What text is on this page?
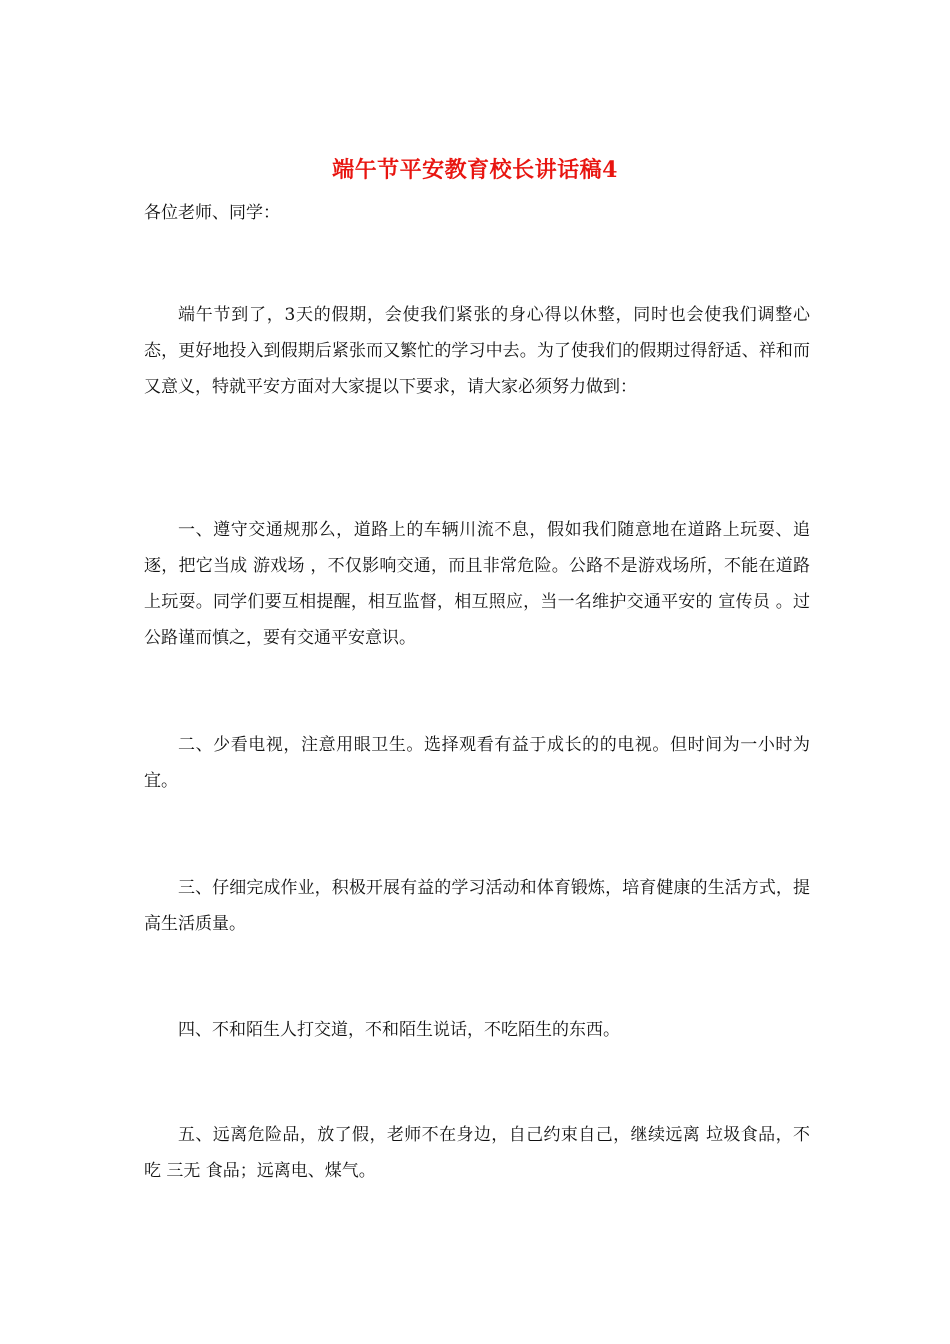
端午节平安教育校长讲话稿4
各位老师、同学：
端午节到了，3天的假期，会使我们紧张的身心得以休整，同时也会使我们调整心态，更好地投入到假期后紧张而又繁忙的学习中去。为了使我们的假期过得舒适、祥和而又意义，特就平安方面对大家提以下要求，请大家必须努力做到：
一、遵守交通规那么，道路上的车辆川流不息，假如我们随意地在道路上玩耍、追逐，把它当成 游戏场 ，不仅影响交通，而且非常危险。公路不是游戏场所，不能在道路上玩耍。同学们要互相提醒，相互监督，相互照应，当一名维护交通平安的 宣传员 。过公路谨而慎之，要有交通平安意识。
二、少看电视，注意用眼卫生。选择观看有益于成长的的电视。但时间为一小时为宜。
三、仔细完成作业，积极开展有益的学习活动和体育锻炼，培育健康的生活方式，提高生活质量。
四、不和陌生人打交道，不和陌生说话，不吃陌生的东西。
五、远离危险品，放了假，老师不在身边，自己约束自己，继续远离 垃圾食品，不吃 三无 食品；远离电、煤气。
